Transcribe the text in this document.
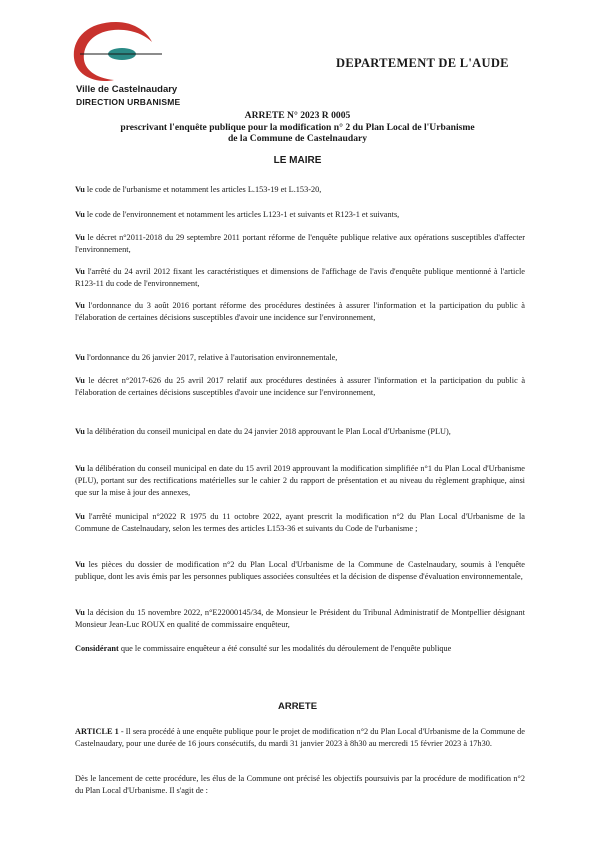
Ville de Castelnaudary
DIRECTION URBANISME
DEPARTEMENT DE L'AUDE
ARRETE N° 2023 R 0005
prescrivant l'enquête publique pour la modification n° 2 du Plan Local de l'Urbanisme
de la Commune de Castelnaudary
LE MAIRE

Vu le code de l'urbanisme et notamment les articles L.153-19 et L.153-20,

Vu le code de l'environnement et notamment les articles L123-1 et suivants et R123-1 et suivants,

Vu le décret n°2011-2018 du 29 septembre 2011 portant réforme de l'enquête publique relative aux opérations susceptibles d'affecter l'environnement,

Vu l'arrêté du 24 avril 2012 fixant les caractéristiques et dimensions de l'affichage de l'avis d'enquête publique mentionné à l'article R123-11 du code de l'environnement,

Vu l'ordonnance du 3 août 2016 portant réforme des procédures destinées à assurer l'information et la participation du public à l'élaboration de certaines décisions susceptibles d'avoir une incidence sur l'environnement,

Vu l'ordonnance du 26 janvier 2017, relative à l'autorisation environnementale,

Vu le décret n°2017-626 du 25 avril 2017 relatif aux procédures destinées à assurer l'information et la participation du public à l'élaboration de certaines décisions susceptibles d'avoir une incidence sur l'environnement,

Vu la délibération du conseil municipal en date du 24 janvier 2018 approuvant le Plan Local d'Urbanisme (PLU),

Vu la délibération du conseil municipal en date du 15 avril 2019 approuvant la modification simplifiée n°1 du Plan Local d'Urbanisme (PLU), portant sur des rectifications matérielles sur le cahier 2 du rapport de présentation et au niveau du règlement graphique, ainsi que sur la mise à jour des annexes,

Vu l'arrêté municipal n°2022 R 1975 du 11 octobre 2022, ayant prescrit la modification n°2 du Plan Local d'Urbanisme de la Commune de Castelnaudary, selon les termes des articles L153-36 et suivants du Code de l'urbanisme ;

Vu les pièces du dossier de modification n°2 du Plan Local d'Urbanisme de la Commune de Castelnaudary, soumis à l'enquête publique, dont les avis émis par les personnes publiques associées consultées et la décision de dispense d'évaluation environnementale,

Vu la décision du 15 novembre 2022, n°E22000145/34, de Monsieur le Président du Tribunal Administratif de Montpellier désignant Monsieur Jean-Luc ROUX en qualité de commissaire enquêteur,

Considérant que le commissaire enquêteur a été consulté sur les modalités du déroulement de l'enquête publique

ARRETE

ARTICLE 1 - Il sera procédé à une enquête publique pour le projet de modification n°2 du Plan Local d'Urbanisme de la Commune de Castelnaudary, pour une durée de 16 jours consécutifs, du mardi 31 janvier 2023 à 8h30 au mercredi 15 février 2023 à 17h30.

Dès le lancement de cette procédure, les élus de la Commune ont précisé les objectifs poursuivis par la procédure de modification n°2 du Plan Local d'Urbanisme. Il s'agit de :
